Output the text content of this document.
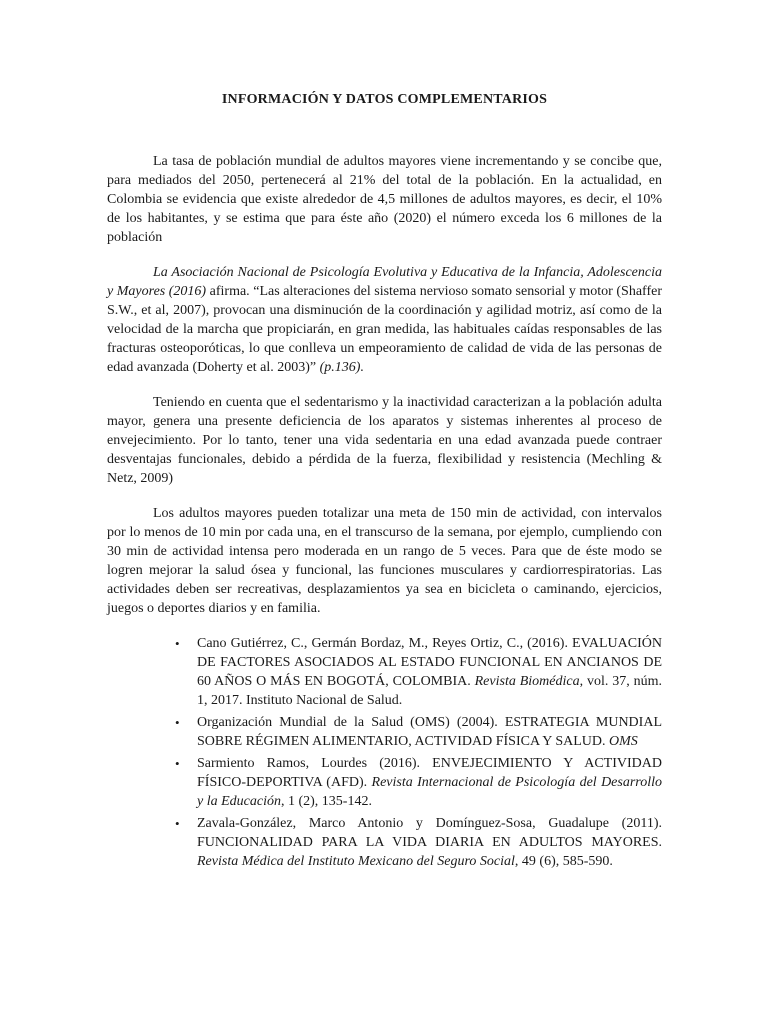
INFORMACIÓN Y DATOS COMPLEMENTARIOS

La tasa de población mundial de adultos mayores viene incrementando y se concibe que, para mediados del 2050, pertenecerá al 21% del total de la población. En la actualidad, en Colombia se evidencia que existe alrededor de 4,5 millones de adultos mayores, es decir, el 10% de los habitantes, y se estima que para éste año (2020) el número exceda los 6 millones de la población

La Asociación Nacional de Psicología Evolutiva y Educativa de la Infancia, Adolescencia y Mayores (2016) afirma. “Las alteraciones del sistema nervioso somato sensorial y motor (Shaffer S.W., et al, 2007), provocan una disminución de la coordinación y agilidad motriz, así como de la velocidad de la marcha que propiciarán, en gran medida, las habituales caídas responsables de las fracturas osteoporóticas, lo que conlleva un empeoramiento de calidad de vida de las personas de edad avanzada (Doherty et al. 2003)” (p.136).

Teniendo en cuenta que el sedentarismo y la inactividad caracterizan a la población adulta mayor, genera una presente deficiencia de los aparatos y sistemas inherentes al proceso de envejecimiento. Por lo tanto, tener una vida sedentaria en una edad avanzada puede contraer desventajas funcionales, debido a pérdida de la fuerza, flexibilidad y resistencia (Mechling & Netz, 2009)

Los adultos mayores pueden totalizar una meta de 150 min de actividad, con intervalos por lo menos de 10 min por cada una, en el transcurso de la semana, por ejemplo, cumpliendo con 30 min de actividad intensa pero moderada en un rango de 5 veces. Para que de éste modo se logren mejorar la salud ósea y funcional, las funciones musculares y cardiorrespiratorias. Las actividades deben ser recreativas, desplazamientos ya sea en bicicleta o caminando, ejercicios, juegos o deportes diarios y en familia.

• Cano Gutiérrez, C., Germán Bordaz, M., Reyes Ortiz, C., (2016). EVALUACIÓN DE FACTORES ASOCIADOS AL ESTADO FUNCIONAL EN ANCIANOS DE 60 AÑOS O MÁS EN BOGOTÁ, COLOMBIA. Revista Biomédica, vol. 37, núm. 1, 2017. Instituto Nacional de Salud.
• Organización Mundial de la Salud (OMS) (2004). ESTRATEGIA MUNDIAL SOBRE RÉGIMEN ALIMENTARIO, ACTIVIDAD FÍSICA Y SALUD. OMS
• Sarmiento Ramos, Lourdes (2016). ENVEJECIMIENTO Y ACTIVIDAD FÍSICO-DEPORTIVA (AFD). Revista Internacional de Psicología del Desarrollo y la Educación, 1 (2), 135-142.
• Zavala-González, Marco Antonio y Domínguez-Sosa, Guadalupe (2011). FUNCIONALIDAD PARA LA VIDA DIARIA EN ADULTOS MAYORES. Revista Médica del Instituto Mexicano del Seguro Social, 49 (6), 585-590.
